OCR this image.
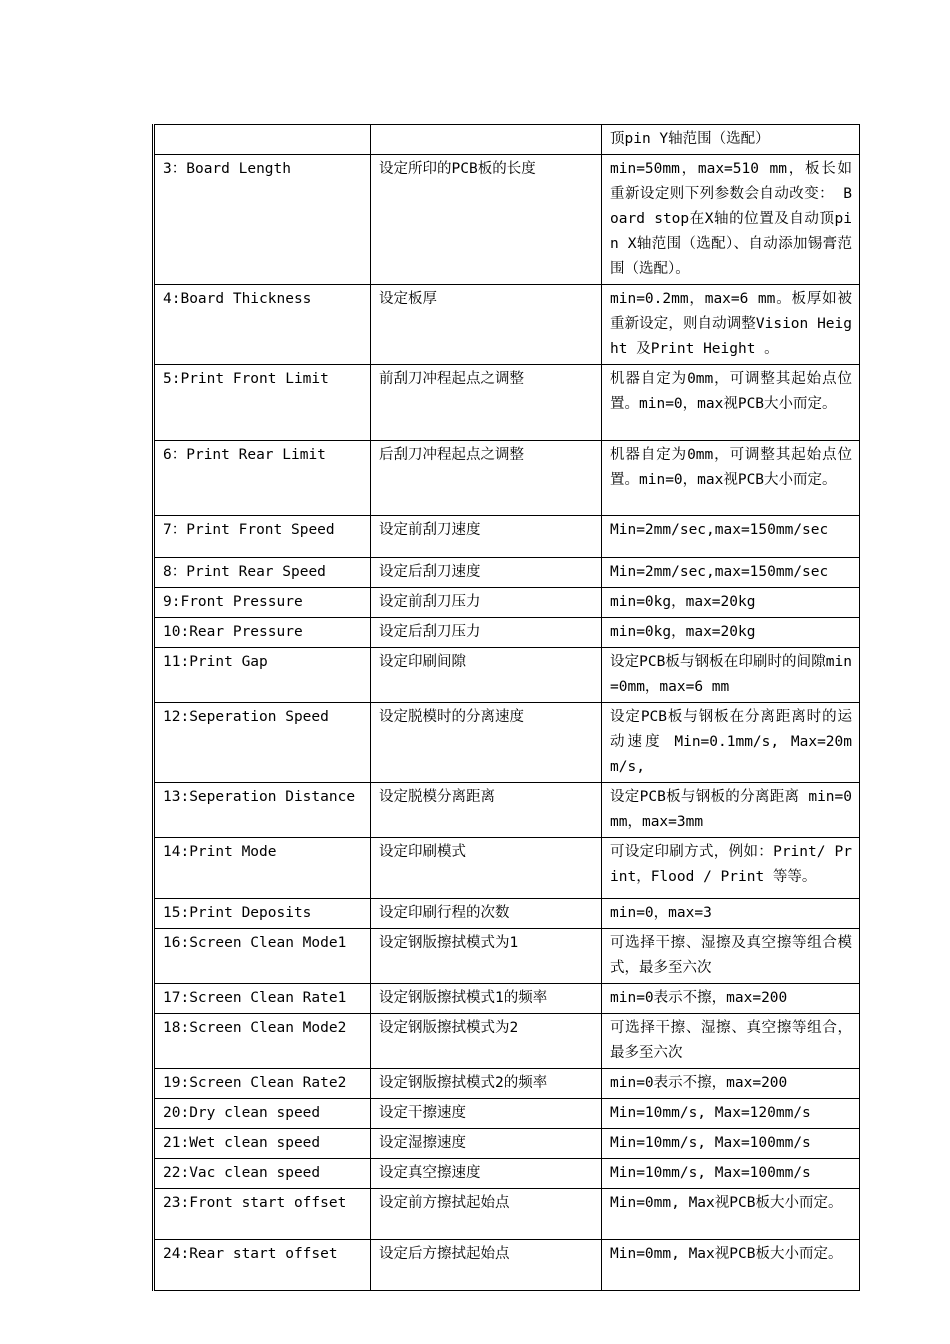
		顶pin Y轴范围（选配）
3：Board Length	设定所印的PCB板的长度	min=50mm，max=510 mm，板长如重新设定则下列参数会自动改变： Board stop在X轴的位置及自动顶pin X轴范围（选配）、自动添加锡膏范围（选配）。
4:Board Thickness	设定板厚	min=0.2mm，max=6 mm。板厚如被重新设定，则自动调整Vision Height 及Print Height 。
5:Print Front Limit	前刮刀冲程起点之调整	机器自定为0mm，可调整其起始点位置。min=0，max视PCB大小而定。
6：Print Rear Limit	后刮刀冲程起点之调整	机器自定为0mm，可调整其起始点位置。min=0，max视PCB大小而定。
7：Print Front Speed	设定前刮刀速度	Min=2mm/sec,max=150mm/sec
8：Print Rear Speed	设定后刮刀速度	Min=2mm/sec,max=150mm/sec
9:Front Pressure	设定前刮刀压力	min=0kg，max=20kg
10:Rear Pressure	设定后刮刀压力	min=0kg，max=20kg
11:Print Gap	设定印刷间隙	设定PCB板与钢板在印刷时的间隙min=0mm，max=6 mm
12:Seperation Speed	设定脱模时的分离速度	设定PCB板与钢板在分离距离时的运动速度 Min=0.1mm/s, Max=20mm/s,
13:Seperation Distance	设定脱模分离距离	设定PCB板与钢板的分离距离 min=0mm，max=3mm
14:Print Mode	设定印刷模式	可设定印刷方式，例如：Print/ Print，Flood / Print 等等。
15:Print Deposits	设定印刷行程的次数	min=0，max=3
16:Screen Clean Mode1	设定钢版擦拭模式为1	可选择干擦、湿擦及真空擦等组合模式，最多至六次
17:Screen Clean Rate1	设定钢版擦拭模式1的频率	min=0表示不擦，max=200
18:Screen Clean Mode2	设定钢版擦拭模式为2	可选择干擦、湿擦、真空擦等组合，最多至六次
19:Screen Clean Rate2	设定钢版擦拭模式2的频率	min=0表示不擦，max=200
20:Dry clean speed	设定干擦速度	Min=10mm/s, Max=120mm/s
21:Wet clean speed	设定湿擦速度	Min=10mm/s, Max=100mm/s
22:Vac clean speed	设定真空擦速度	Min=10mm/s, Max=100mm/s
23:Front start offset	设定前方擦拭起始点	Min=0mm, Max视PCB板大小而定。
24:Rear start offset	设定后方擦拭起始点	Min=0mm, Max视PCB板大小而定。
